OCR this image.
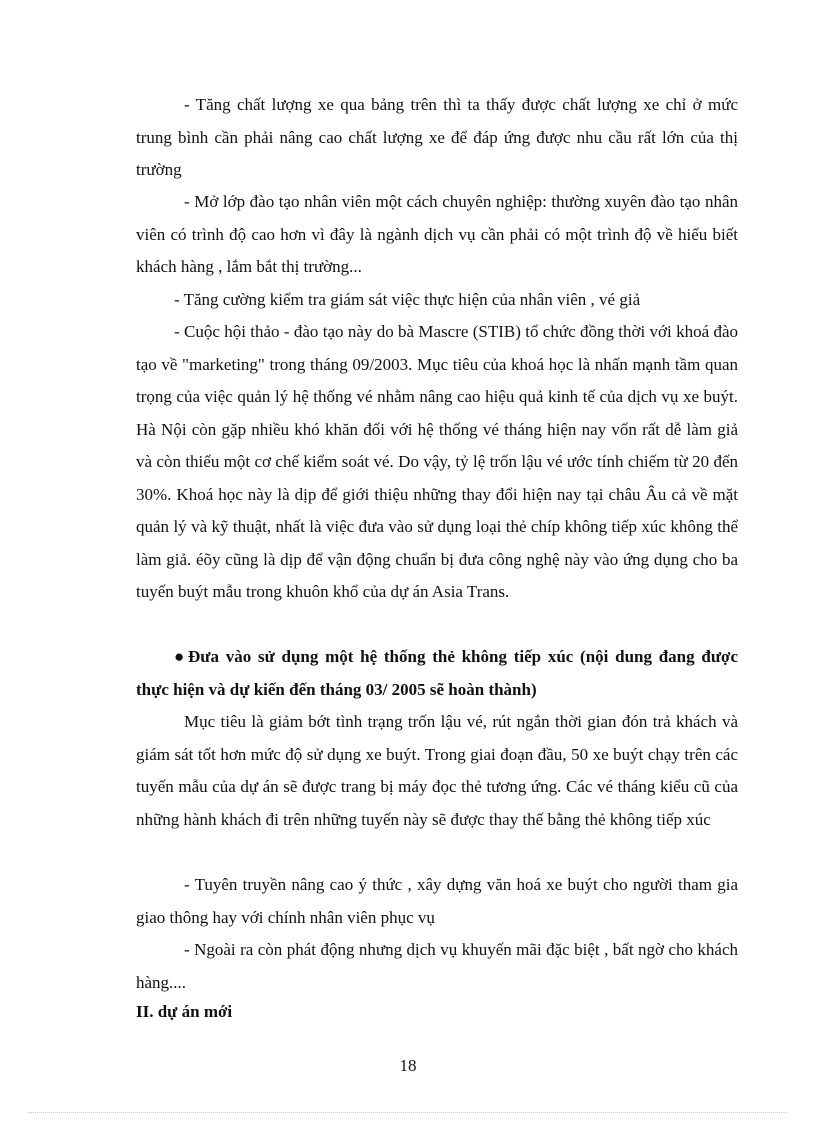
- Tăng chất lượng xe qua bảng trên thì ta thấy được chất lượng xe chỉ ở mức trung bình cần phải nâng cao chất lượng xe để đáp ứng được nhu cầu rất lớn của thị trường

- Mở lớp đào tạo nhân viên một cách chuyên nghiệp: thường xuyên đào tạo nhân viên có trình độ cao hơn vì đây là ngành dịch vụ cần phải có một trình độ về hiểu biết khách hàng , lắm bắt thị trường...

- Tăng cường kiểm tra giám sát việc thực hiện của nhân viên , vé giả

- Cuộc hội thảo - đào tạo này do bà Mascre (STIB) tổ chức đồng thời với khoá đào tạo về "marketing" trong tháng 09/2003. Mục tiêu của khoá học là nhấn mạnh tầm quan trọng của việc quản lý hệ thống vé nhằm nâng cao hiệu quả kinh tế của dịch vụ xe buýt. Hà Nội còn gặp nhiều khó khăn đối với hệ thống vé tháng hiện nay vốn rất dễ làm giả và còn thiếu một cơ chế kiểm soát vé. Do vậy, tỷ lệ trốn lậu vé ước tính chiếm từ 20 đến 30%. Khoá học này là dịp để giới thiệu những thay đổi hiện nay tại châu Âu cả về mặt quản lý và kỹ thuật, nhất là việc đưa vào sử dụng loại thẻ chíp không tiếp xúc không thể làm giả. éõy cũng là dịp để vận động chuẩn bị đưa công nghệ này vào ứng dụng cho ba tuyến buýt mẫu trong khuôn khổ của dự án Asia Trans.

● Đưa vào sử dụng một hệ thống thẻ không tiếp xúc (nội dung đang được thực hiện và dự kiến đến tháng 03/ 2005 sẽ hoàn thành)

Mục tiêu là giảm bớt tình trạng trốn lậu vé, rút ngắn thời gian đón trả khách và giám sát tốt hơn mức độ sử dụng xe buýt. Trong giai đoạn đầu, 50 xe buýt chạy trên các tuyến mẫu của dự án sẽ được trang bị máy đọc thẻ tương ứng. Các vé tháng kiểu cũ của những hành khách đi trên những tuyến này sẽ được thay thế bằng thẻ không tiếp xúc

- Tuyên truyền nâng cao ý thức , xây dựng văn hoá xe buýt cho người tham gia giao thông hay với chính nhân viên phục vụ

- Ngoài ra còn phát động nhưng dịch vụ khuyến mãi đặc biệt , bất ngờ cho khách hàng....

II. dự án mới

18
